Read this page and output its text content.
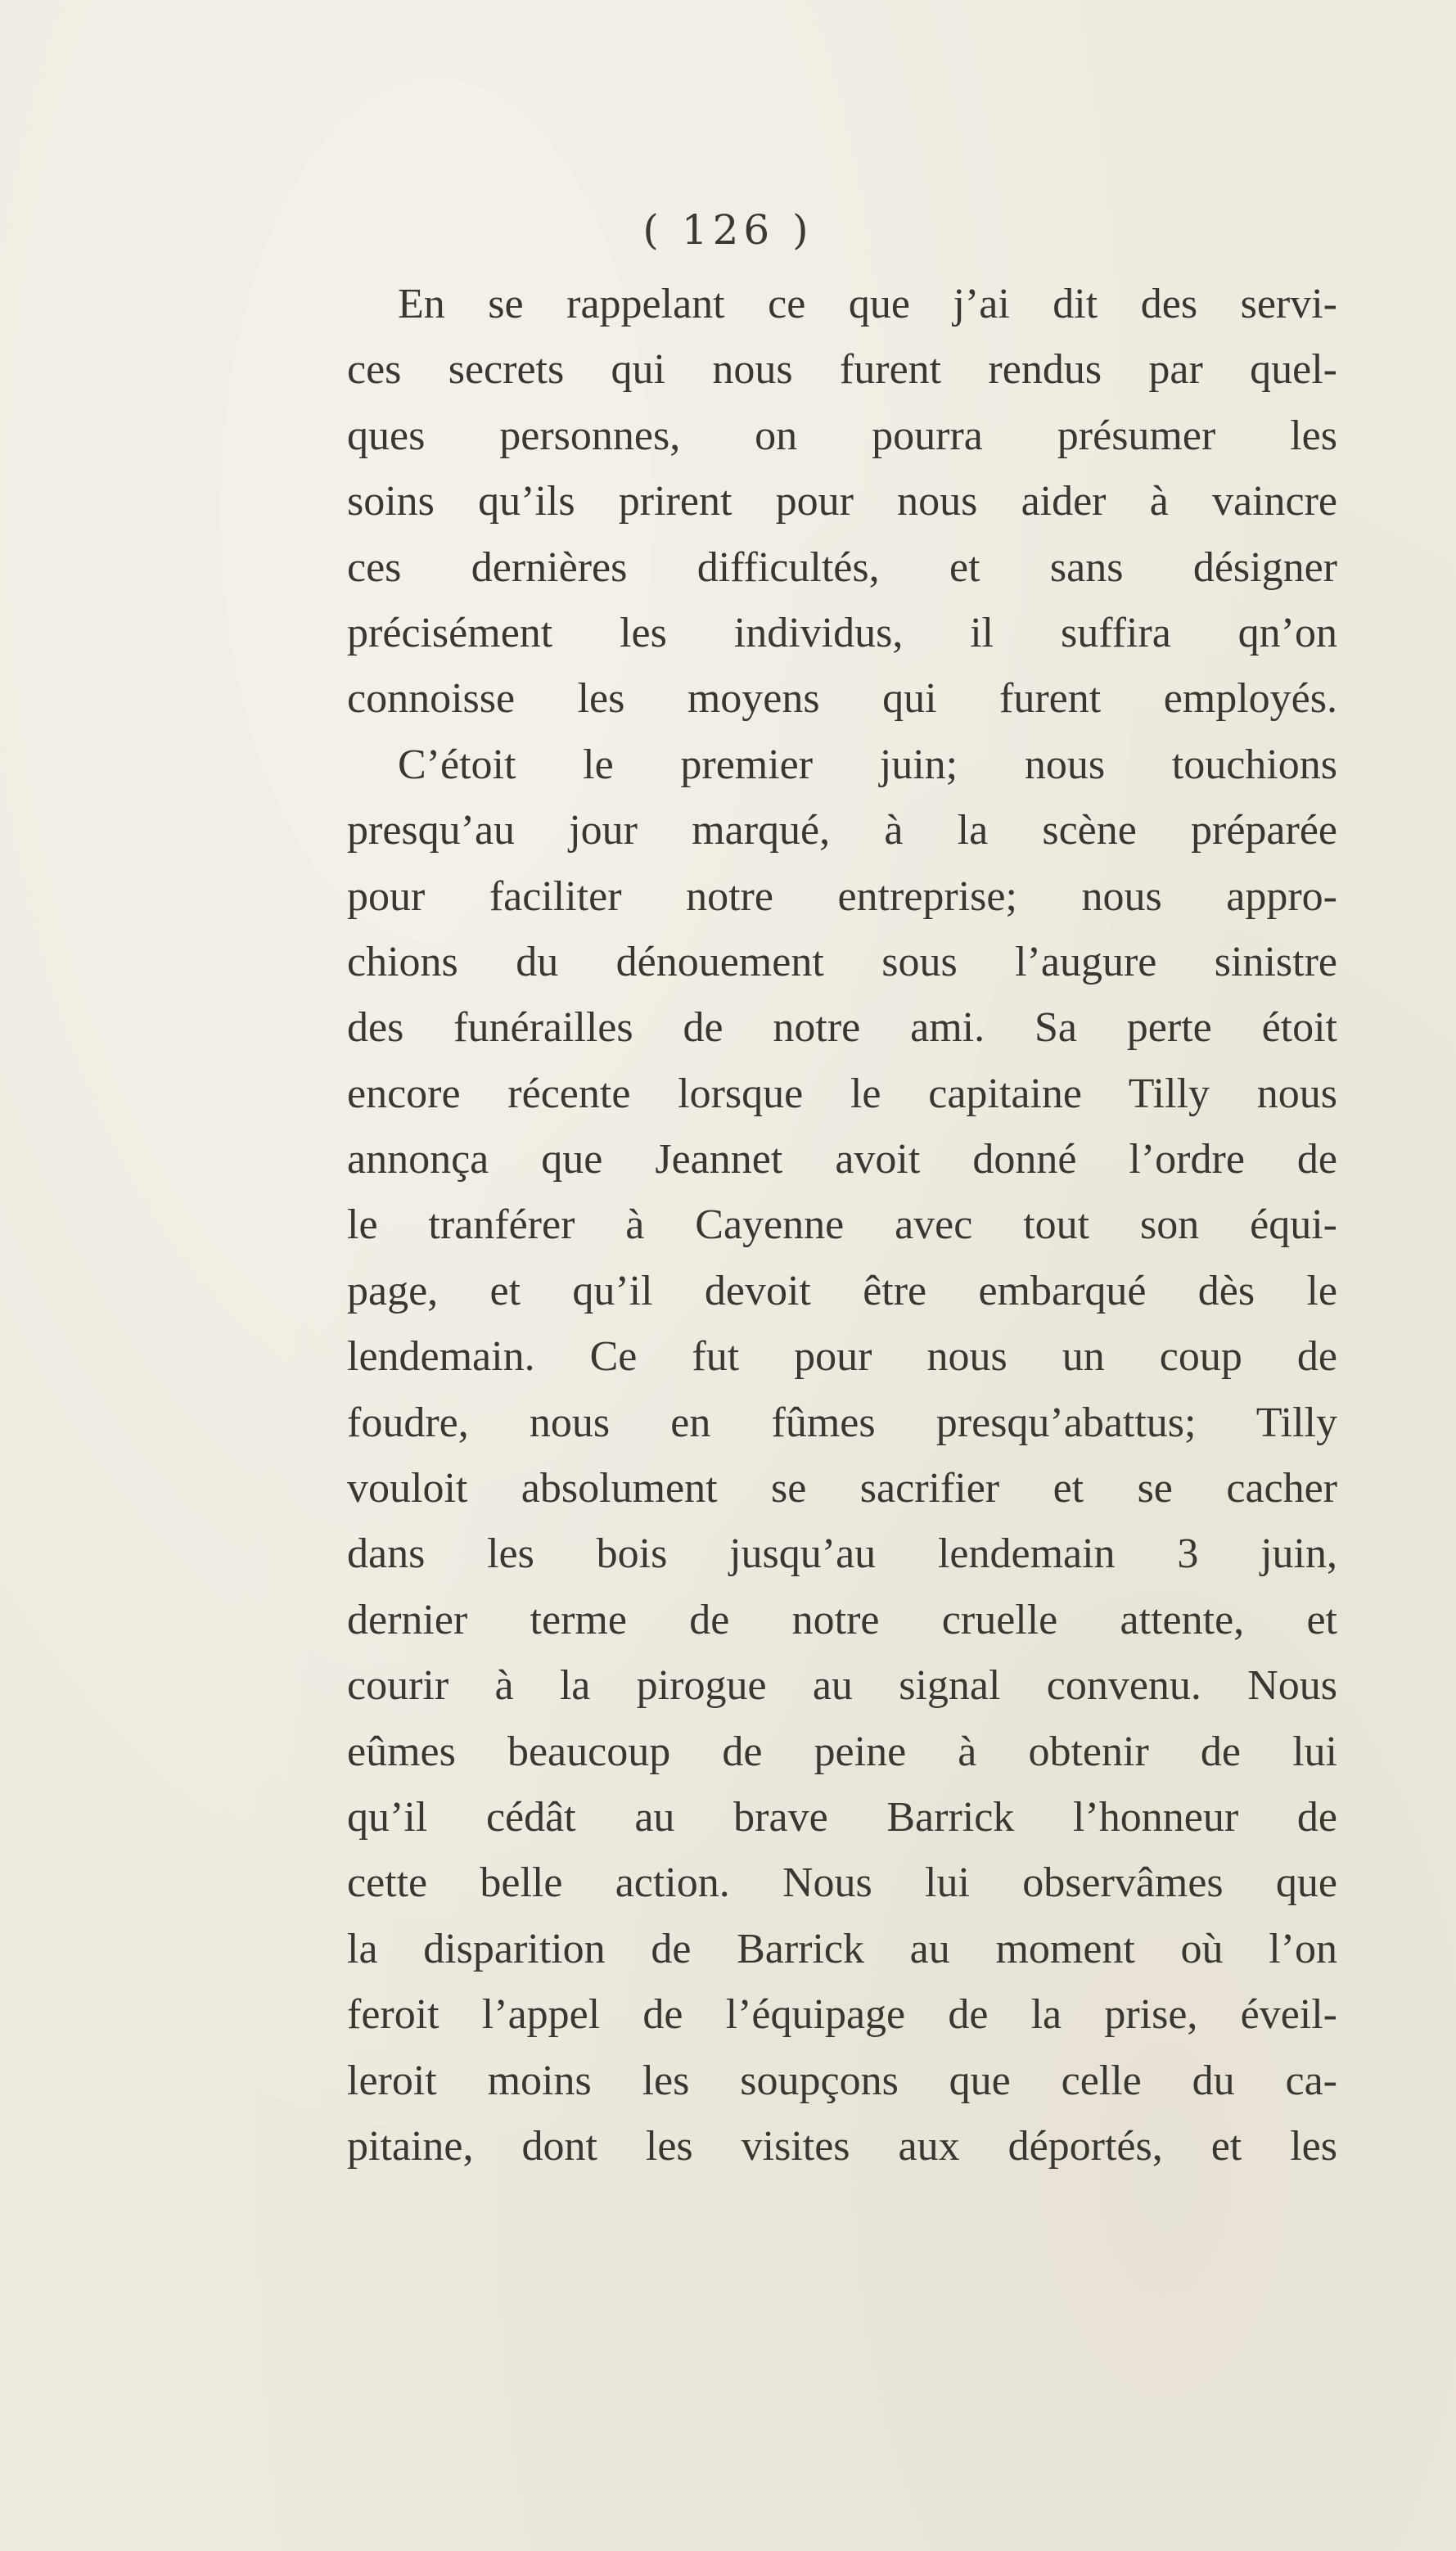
( 126 )
En se rappelant ce que j’ai dit des servi-
ces secrets qui nous furent rendus par quel-
ques personnes, on pourra présumer les
soins qu’ils prirent pour nous aider à vaincre
ces dernières difficultés, et sans désigner
précisément les individus, il suffira qn’on
connoisse les moyens qui furent employés.
C’étoit le premier juin; nous touchions
presqu’au jour marqué, à la scène préparée
pour faciliter notre entreprise; nous appro-
chions du dénouement sous l’augure sinistre
des funérailles de notre ami. Sa perte étoit
encore récente lorsque le capitaine Tilly nous
annonça que Jeannet avoit donné l’ordre de
le tranférer à Cayenne avec tout son équi-
page, et qu’il devoit être embarqué dès le
lendemain. Ce fut pour nous un coup de
foudre, nous en fûmes presqu’abattus; Tilly
vouloit absolument se sacrifier et se cacher
dans les bois jusqu’au lendemain 3 juin,
dernier terme de notre cruelle attente, et
courir à la pirogue au signal convenu. Nous
eûmes beaucoup de peine à obtenir de lui
qu’il cédât au brave Barrick l’honneur de
cette belle action. Nous lui observâmes que
la disparition de Barrick au moment où l’on
feroit l’appel de l’équipage de la prise, éveil-
leroit moins les soupçons que celle du ca-
pitaine, dont les visites aux déportés, et les
